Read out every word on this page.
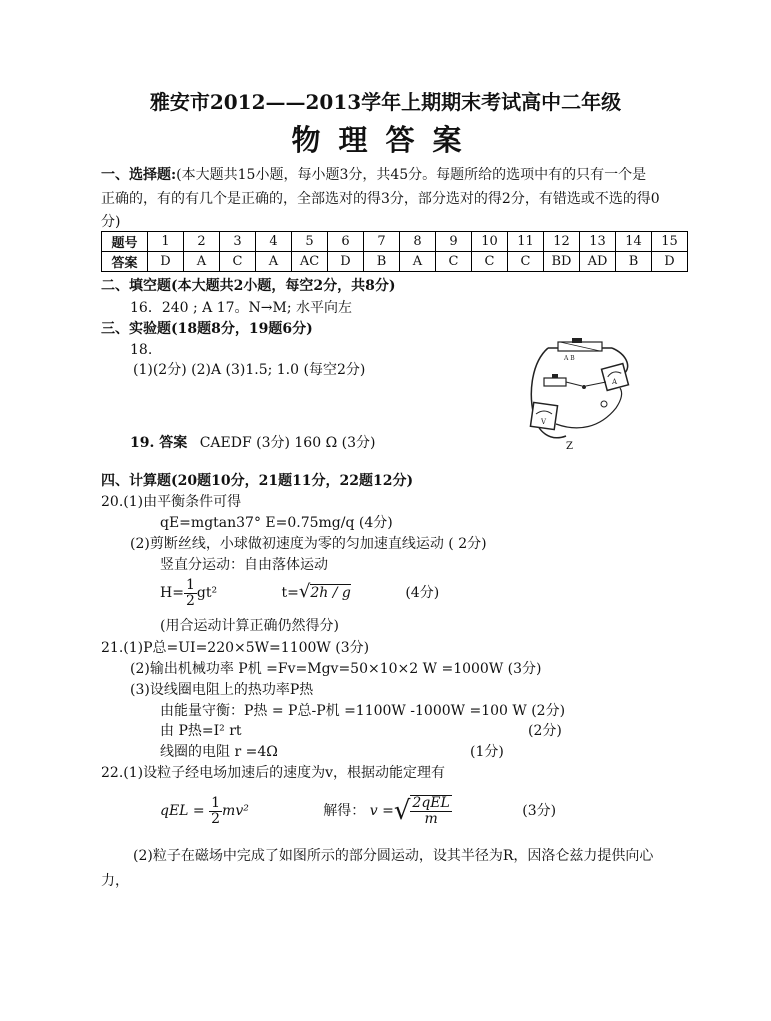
雅安市2012——2013学年上期期末考试高中二年级
物理答案
一、选择题:(本大题共15小题，每小题3分，共45分。每题所给的选项中有的只有一个是
正确的，有的有几个是正确的，全部选对的得3分，部分选对的得2分，有错选或不选的得0
分)
题号	1	2	3	4	5	6	7	8	9	10	11	12	13	14	15
答案	D	A	C	A	AC	D	B	A	C	C	C	BD	AD	B	D
二、填空题(本大题共2小题，每空2分，共8分)
16．240 ; A 17。N→M; 水平向左
三、实验题(18题8分，19题6分)
18.
(1)(2分) (2)A (3)1.5; 1.0 (每空2分)
19. 答案 CAEDF (3分) 160 Ω (3分)
A B
A
V
Z
四、计算题(20题10分，21题11分，22题12分)
20.(1)由平衡条件可得
qE=mgtan37° E=0.75mg/q (4分)
(2)剪断丝线，小球做初速度为零的匀加速直线运动 ( 2分)
竖直分运动：自由落体运动
$H= \frac{1}{2} gt^2$	t=√2h / g	(4分)
(用合运动计算正确仍然得分)
21.(1)P总=UI=220×5W=1100W (3分)
(2)输出机械功率 P机 =Fv=Mgv=50×10×2 W =1000W (3分)
(3)设线圈电阻上的热功率P热
由能量守衡：P热 = P总-P机 =1100W -1000W =100 W (2分)
由 P热=I² rt	(2分)
线圈的电阻 r =4Ω	(1分)
22.(1)设粒子经电场加速后的速度为v，根据动能定理有
qEL = $\frac{1}{2} mv^2$	解得： v =√ $\frac{\text{2qEL}}{m}$	(3分)
(2)粒子在磁场中完成了如图所示的部分圆运动，设其半径为R，因洛仑兹力提供向心
力，
